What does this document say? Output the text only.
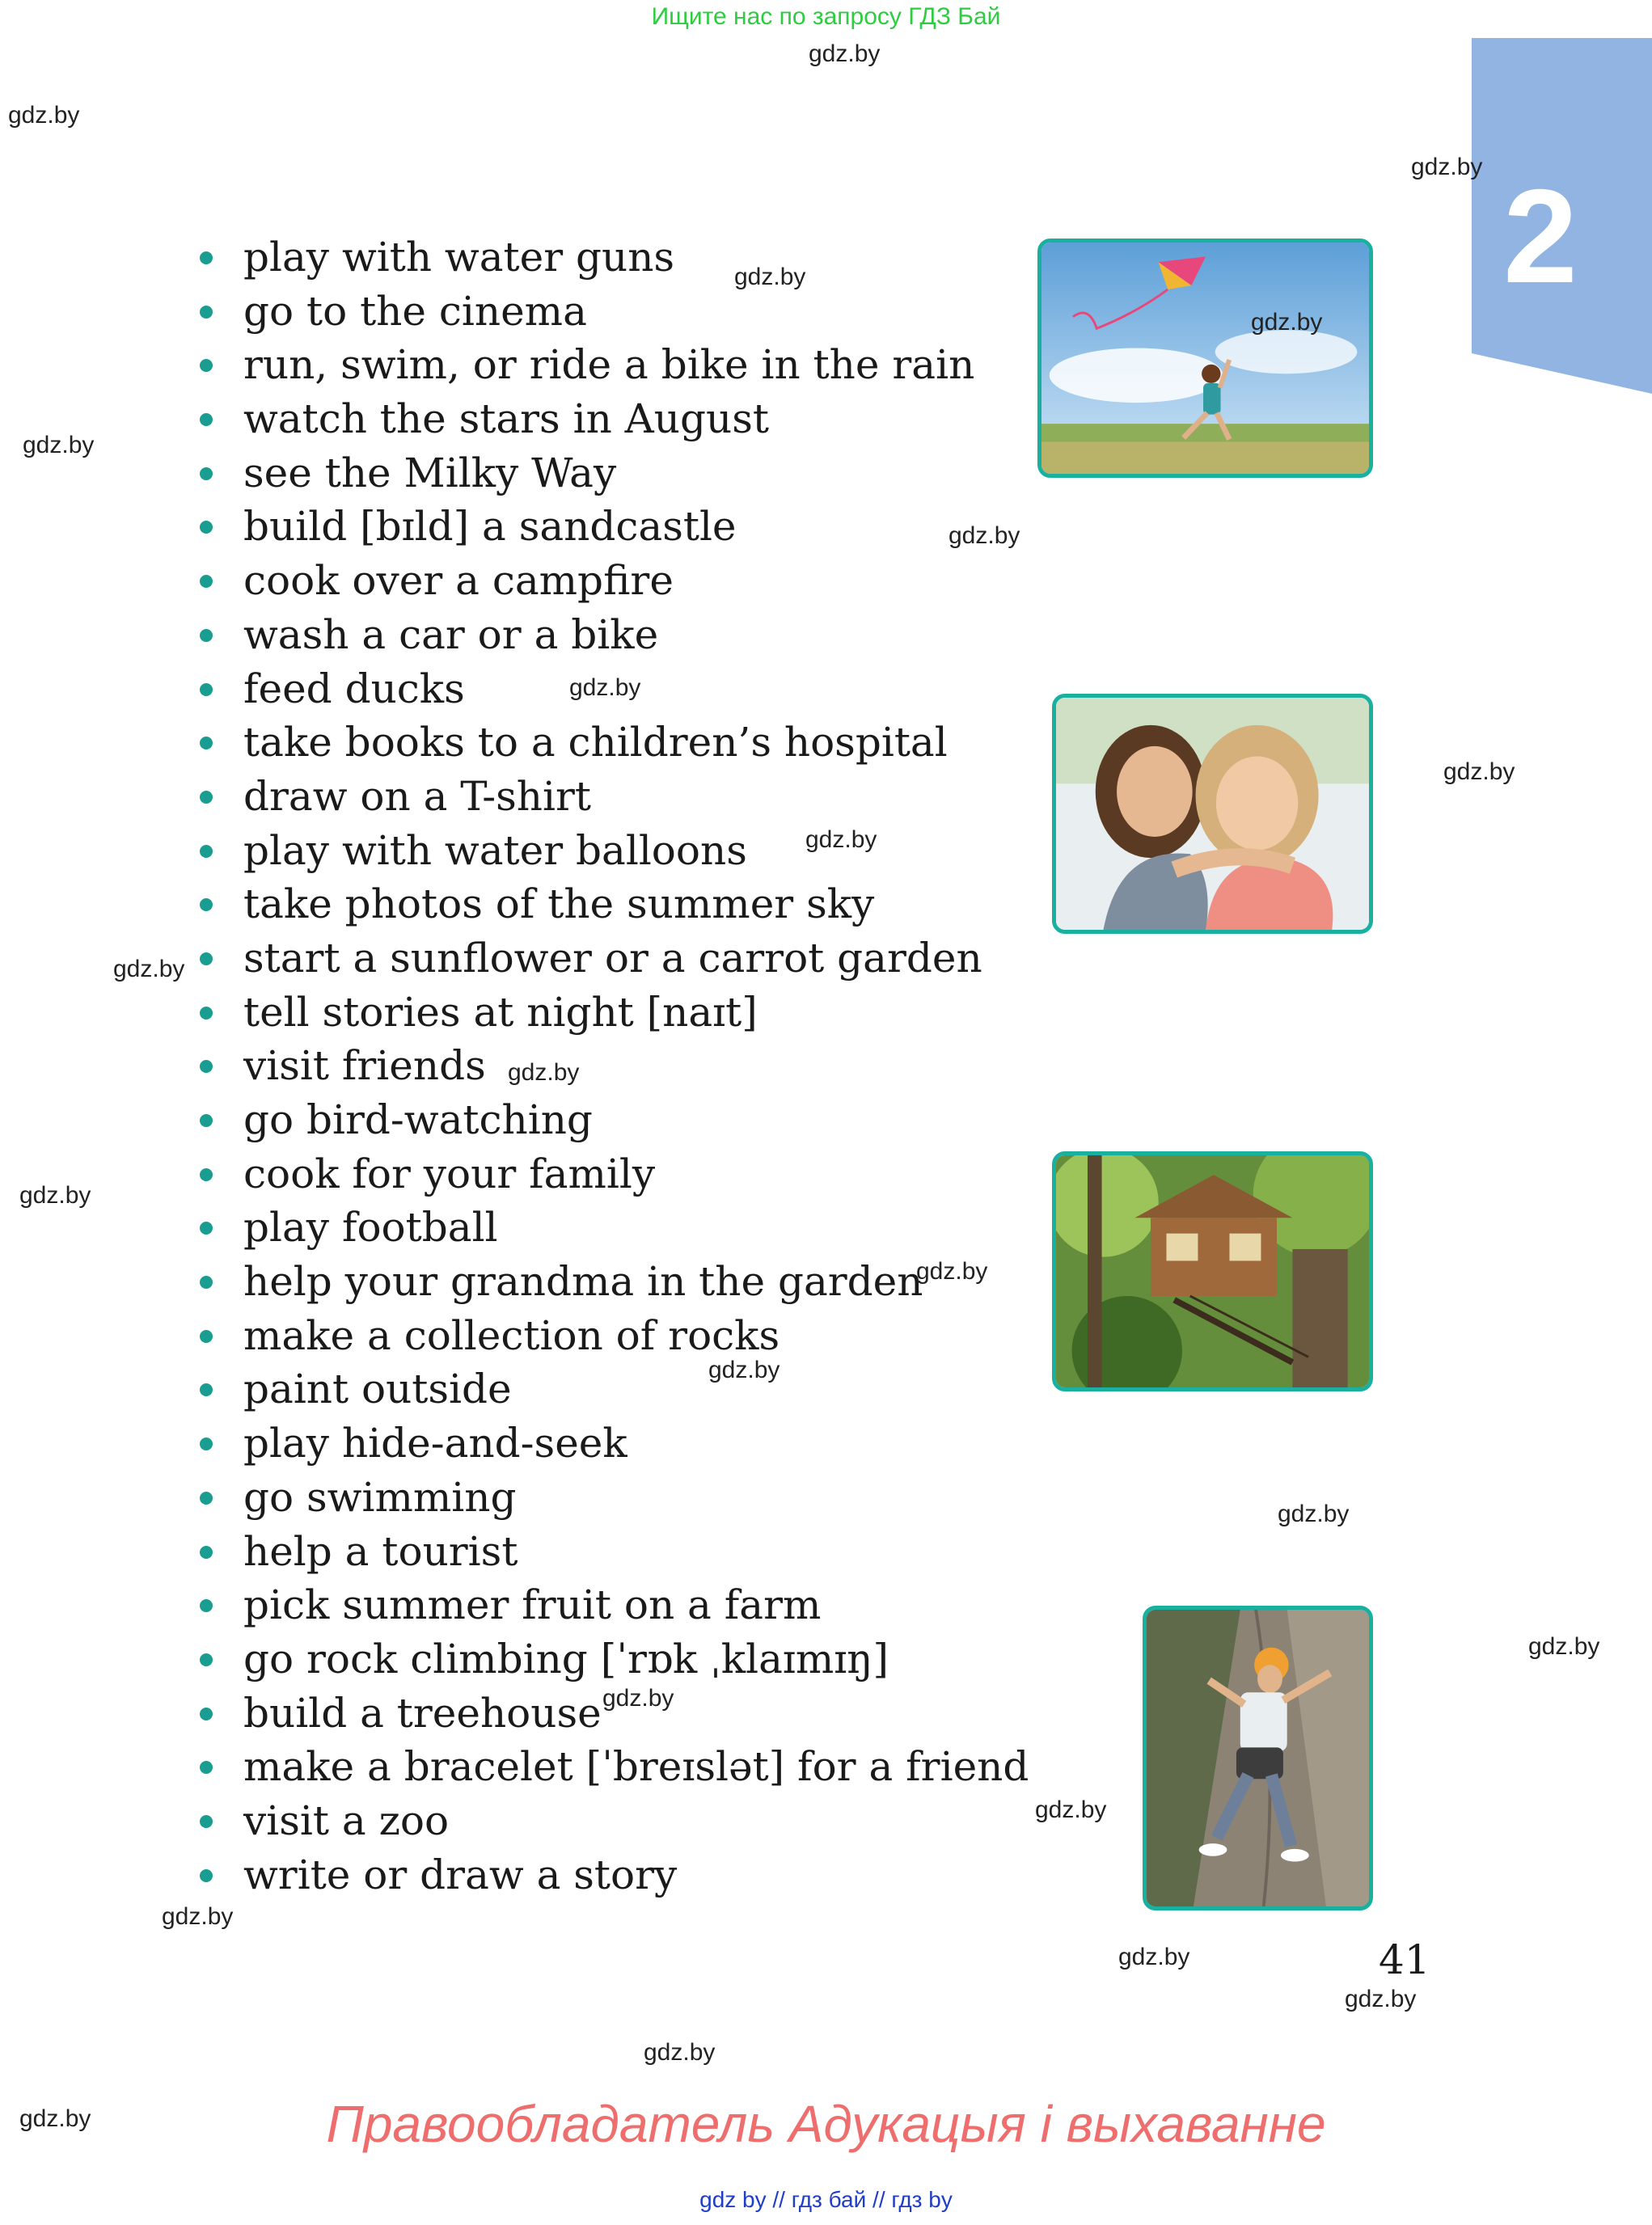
Ищите нас по запросу ГДЗ Бай
2
play with water guns
go to the cinema
run, swim, or ride a bike in the rain
watch the stars in August
see the Milky Way
build [bɪld] a sandcastle
cook over a campfire
wash a car or a bike
feed ducks
take books to a children’s hospital
draw on a T-shirt
play with water balloons
take photos of the summer sky
start a sunflower or a carrot garden
tell stories at night [naɪt]
visit friends
go bird-watching
cook for your family
play football
help your grandma in the garden
make a collection of rocks
paint outside
play hide-and-seek
go swimming
help a tourist
pick summer fruit on a farm
go rock climbing [ˈrɒk ˌklaɪmɪŋ]
build a treehouse
make a bracelet [ˈbreɪslət] for a friend
visit a zoo
write or draw a story
41
gdz.by
gdz.by
gdz.by
gdz.by
gdz.by
gdz.by
gdz.by
gdz.by
gdz.by
gdz.by
gdz.by
gdz.by
gdz.by
gdz.by
gdz.by
gdz.by
gdz.by
gdz.by
gdz.by
gdz.by
gdz.by
gdz.by
gdz.by
gdz.by	Правообладатель Адукацыя і выхаванне
gdz by // гдз бай // гдз by
